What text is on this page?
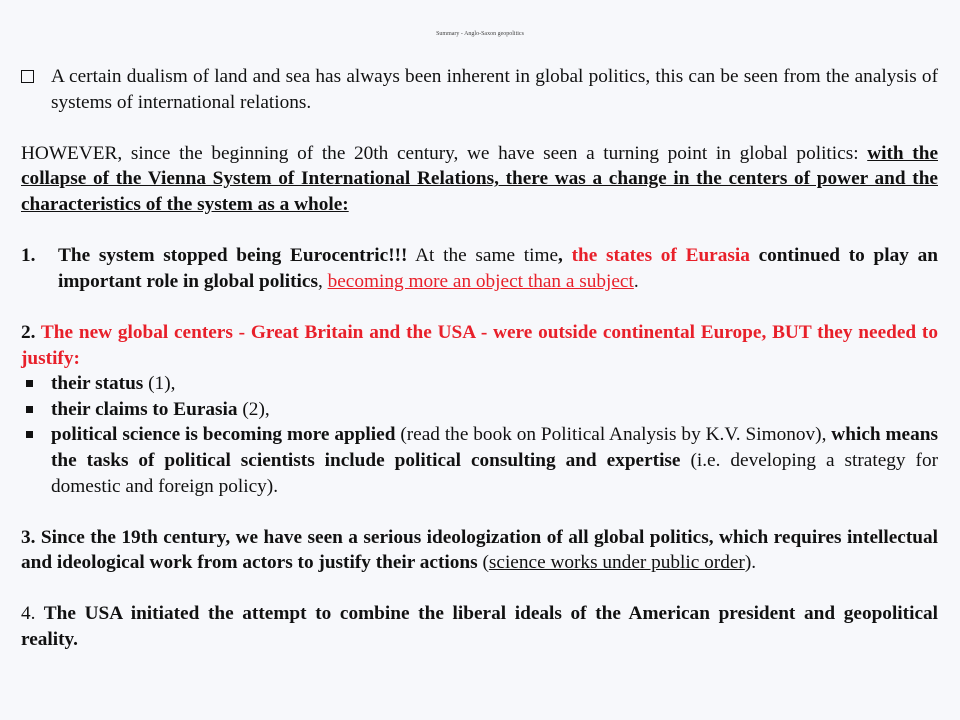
Summary - Anglo-Saxon geopolitics

A certain dualism of land and sea has always been inherent in global politics, this can be seen from the analysis of systems of international relations.

HOWEVER, since the beginning of the 20th century, we have seen a turning point in global politics: with the collapse of the Vienna System of International Relations, there was a change in the centers of power and the characteristics of the system as a whole:

1. The system stopped being Eurocentric!!! At the same time, the states of Eurasia continued to play an important role in global politics, becoming more an object than a subject.

2. The new global centers - Great Britain and the USA - were outside continental Europe, BUT they needed to justify:

their status (1),

their claims to Eurasia (2),

political science is becoming more applied (read the book on Political Analysis by K.V. Simonov), which means the tasks of political scientists include political consulting and expertise (i.e. developing a strategy for domestic and foreign policy).

3. Since the 19th century, we have seen a serious ideologization of all global politics, which requires intellectual and ideological work from actors to justify their actions (science works under public order).

4. The USA initiated the attempt to combine the liberal ideals of the American president and geopolitical reality.
